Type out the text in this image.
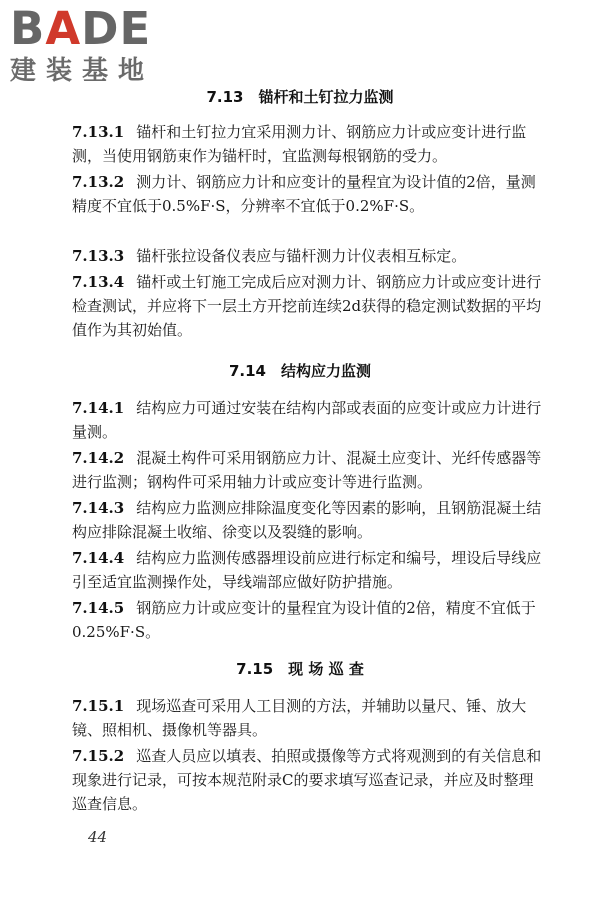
BADE
建装基地
7.13　锚杆和土钉拉力监测
7.13.1 锚杆和土钉拉力宜采用测力计、钢筋应力计或应变计进行监测，当使用钢筋束作为锚杆时，宜监测每根钢筋的受力。
7.13.2 测力计、钢筋应力计和应变计的量程宜为设计值的2倍，量测精度不宜低于0.5%F·S，分辨率不宜低于0.2%F·S。
7.13.3 锚杆张拉设备仪表应与锚杆测力计仪表相互标定。
7.13.4 锚杆或土钉施工完成后应对测力计、钢筋应力计或应变计进行检查测试，并应将下一层土方开挖前连续2d获得的稳定测试数据的平均值作为其初始值。
7.14　结构应力监测
7.14.1 结构应力可通过安装在结构内部或表面的应变计或应力计进行量测。
7.14.2 混凝土构件可采用钢筋应力计、混凝土应变计、光纤传感器等进行监测；钢构件可采用轴力计或应变计等进行监测。
7.14.3 结构应力监测应排除温度变化等因素的影响，且钢筋混凝土结构应排除混凝土收缩、徐变以及裂缝的影响。
7.14.4 结构应力监测传感器埋设前应进行标定和编号，埋设后导线应引至适宜监测操作处，导线端部应做好防护措施。
7.14.5 钢筋应力计或应变计的量程宜为设计值的2倍，精度不宜低于0.25%F·S。
7.15　现 场 巡 查
7.15.1 现场巡查可采用人工目测的方法，并辅助以量尺、锤、放大镜、照相机、摄像机等器具。
7.15.2 巡查人员应以填表、拍照或摄像等方式将观测到的有关信息和现象进行记录，可按本规范附录C的要求填写巡查记录，并应及时整理巡查信息。
44
